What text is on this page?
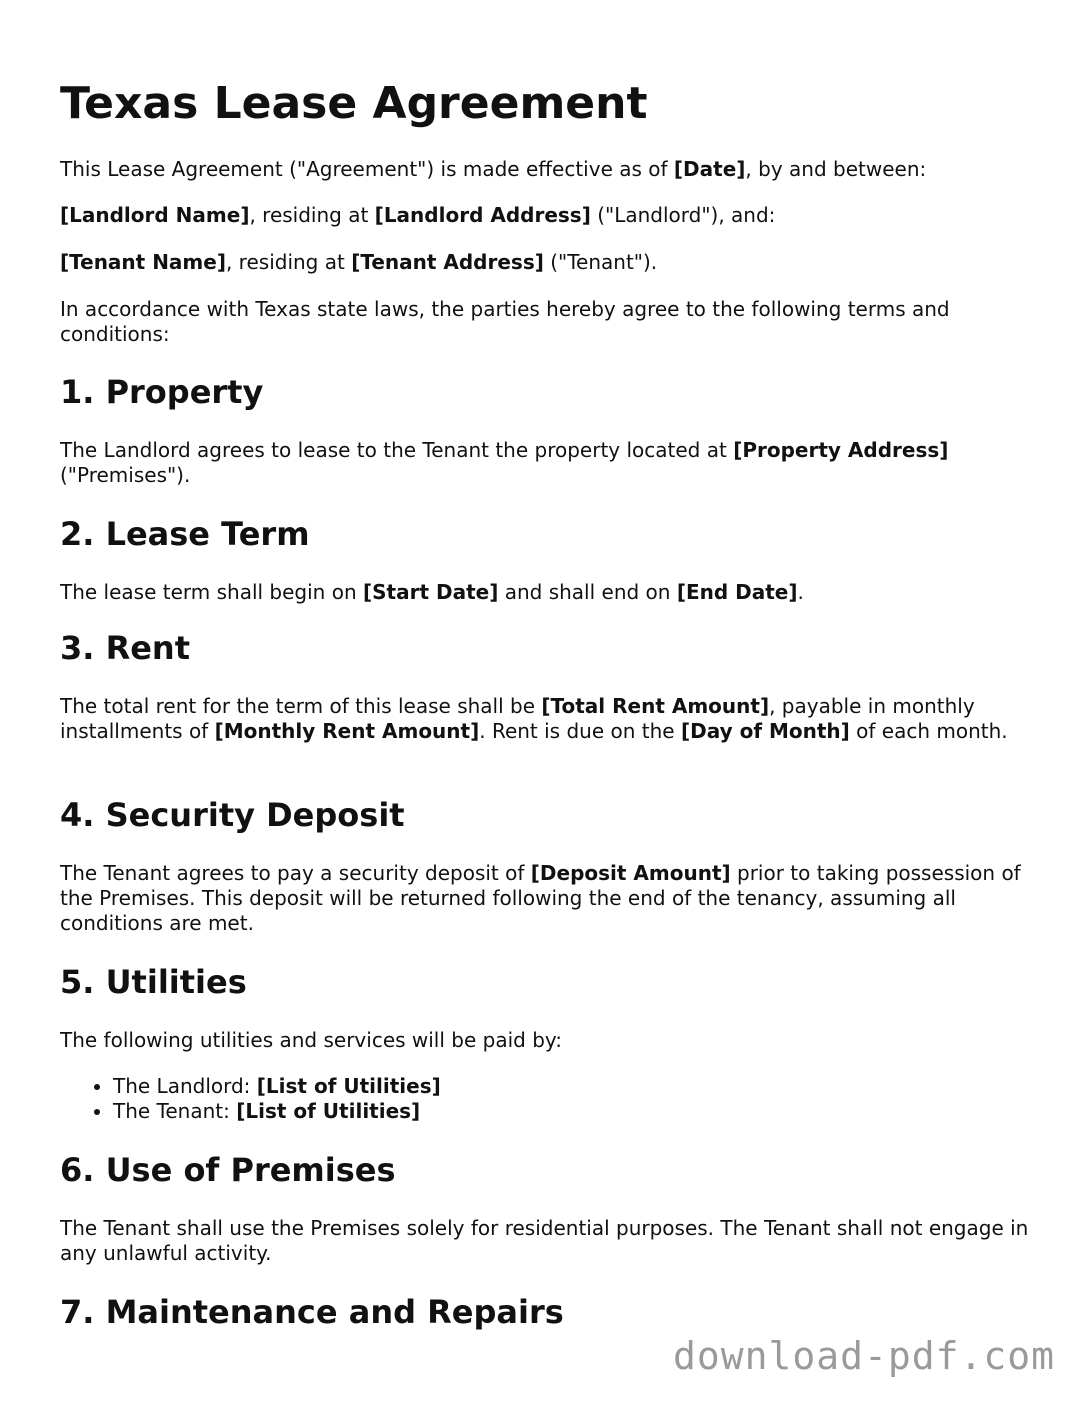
Texas Lease Agreement

This Lease Agreement ("Agreement") is made effective as of [Date], by and between:

[Landlord Name], residing at [Landlord Address] ("Landlord"), and:

[Tenant Name], residing at [Tenant Address] ("Tenant").

In accordance with Texas state laws, the parties hereby agree to the following terms and conditions:

1. Property

The Landlord agrees to lease to the Tenant the property located at [Property Address] ("Premises").

2. Lease Term

The lease term shall begin on [Start Date] and shall end on [End Date].

3. Rent

The total rent for the term of this lease shall be [Total Rent Amount], payable in monthly installments of [Monthly Rent Amount]. Rent is due on the [Day of Month] of each month.

4. Security Deposit

The Tenant agrees to pay a security deposit of [Deposit Amount] prior to taking possession of the Premises. This deposit will be returned following the end of the tenancy, assuming all conditions are met.

5. Utilities

The following utilities and services will be paid by:

• The Landlord: [List of Utilities]
• The Tenant: [List of Utilities]
6. Use of Premises

The Tenant shall use the Premises solely for residential purposes. The Tenant shall not engage in any unlawful activity.

7. Maintenance and Repairs
download-pdf.com
